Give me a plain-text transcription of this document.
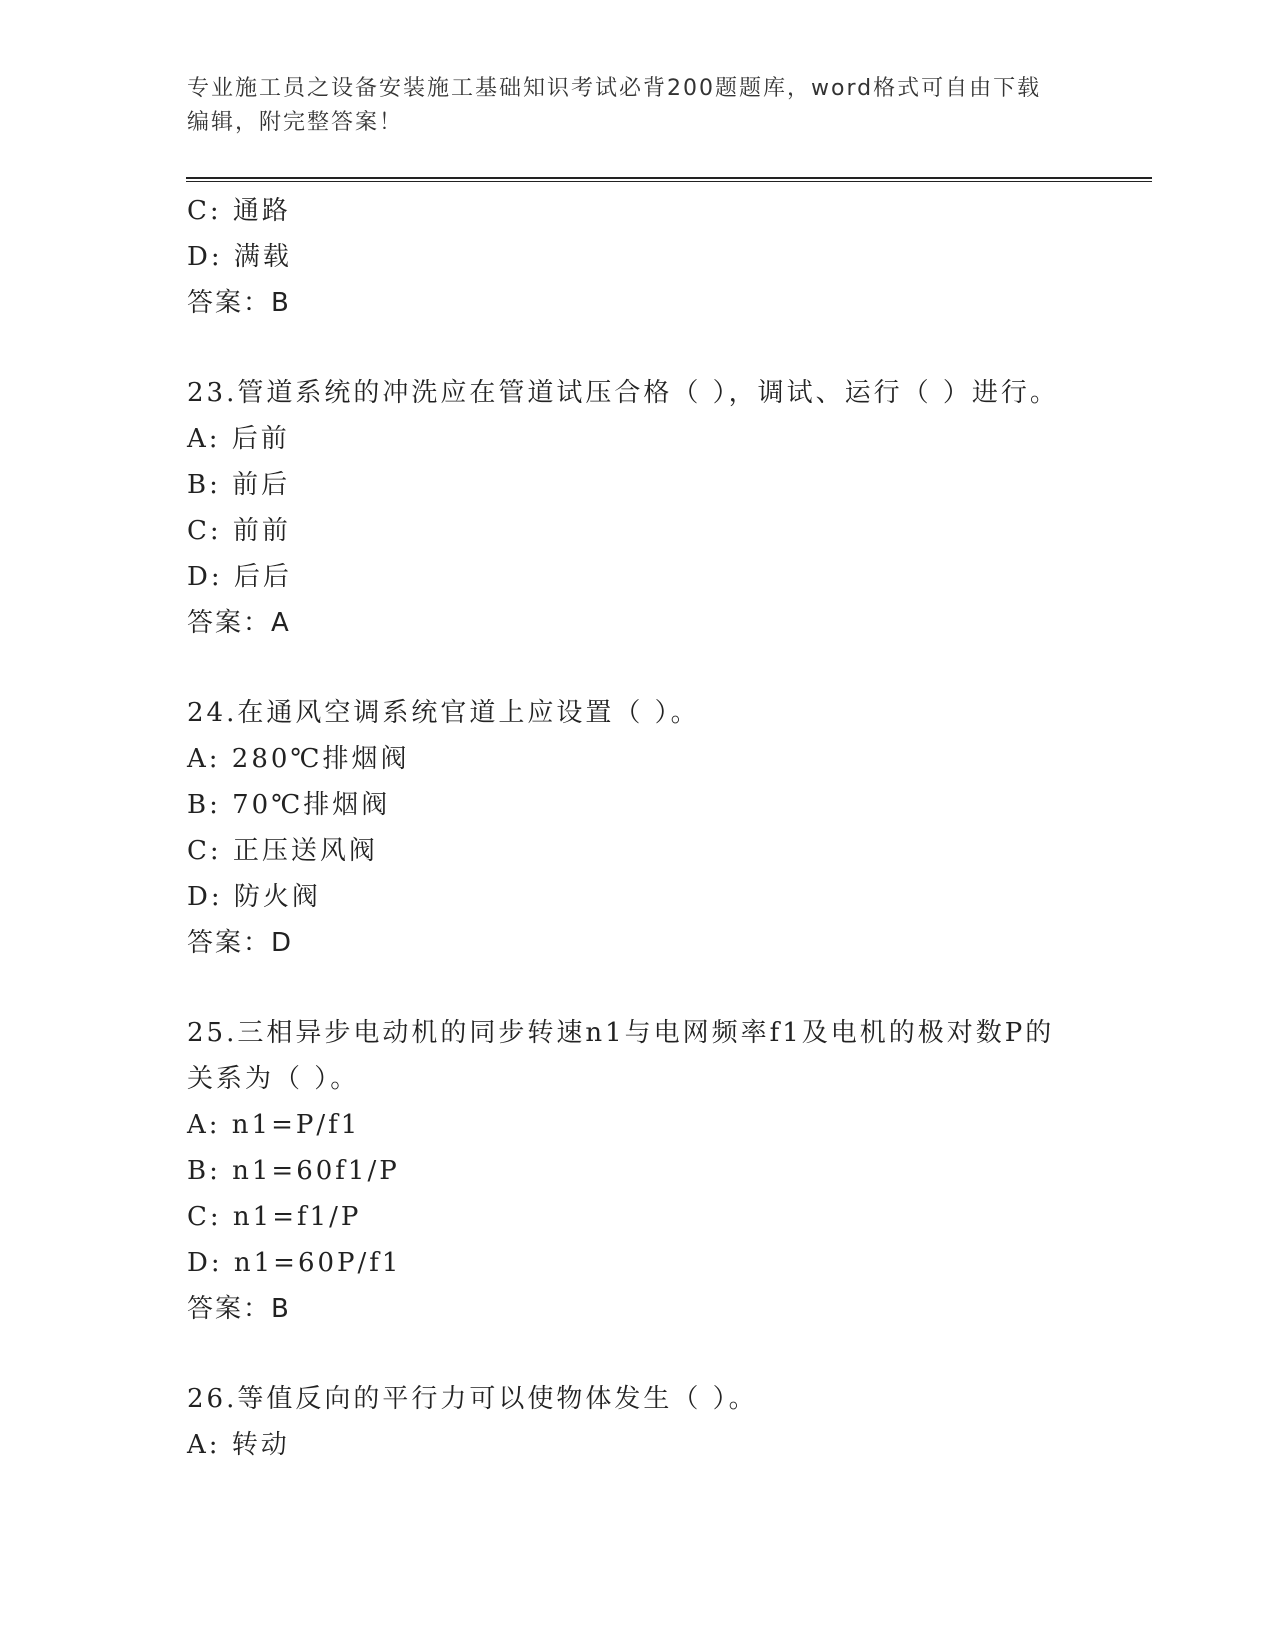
专业施工员之设备安装施工基础知识考试必背200题题库，word格式可自由下载
编辑，附完整答案！
C: 通路
D: 满载
答案：B
23.管道系统的冲洗应在管道试压合格（ ），调试、运行（ ）进行。
A: 后前
B: 前后
C: 前前
D: 后后
答案：A
24.在通风空调系统官道上应设置（ ）。
A: 280℃排烟阀
B: 70℃排烟阀
C: 正压送风阀
D: 防火阀
答案：D
25.三相异步电动机的同步转速n1与电网频率f1及电机的极对数P的
关系为（ ）。
A: n1=P/f1
B: n1=60f1/P
C: n1=f1/P
D: n1=60P/f1
答案：B
26.等值反向的平行力可以使物体发生（ ）。
A: 转动
